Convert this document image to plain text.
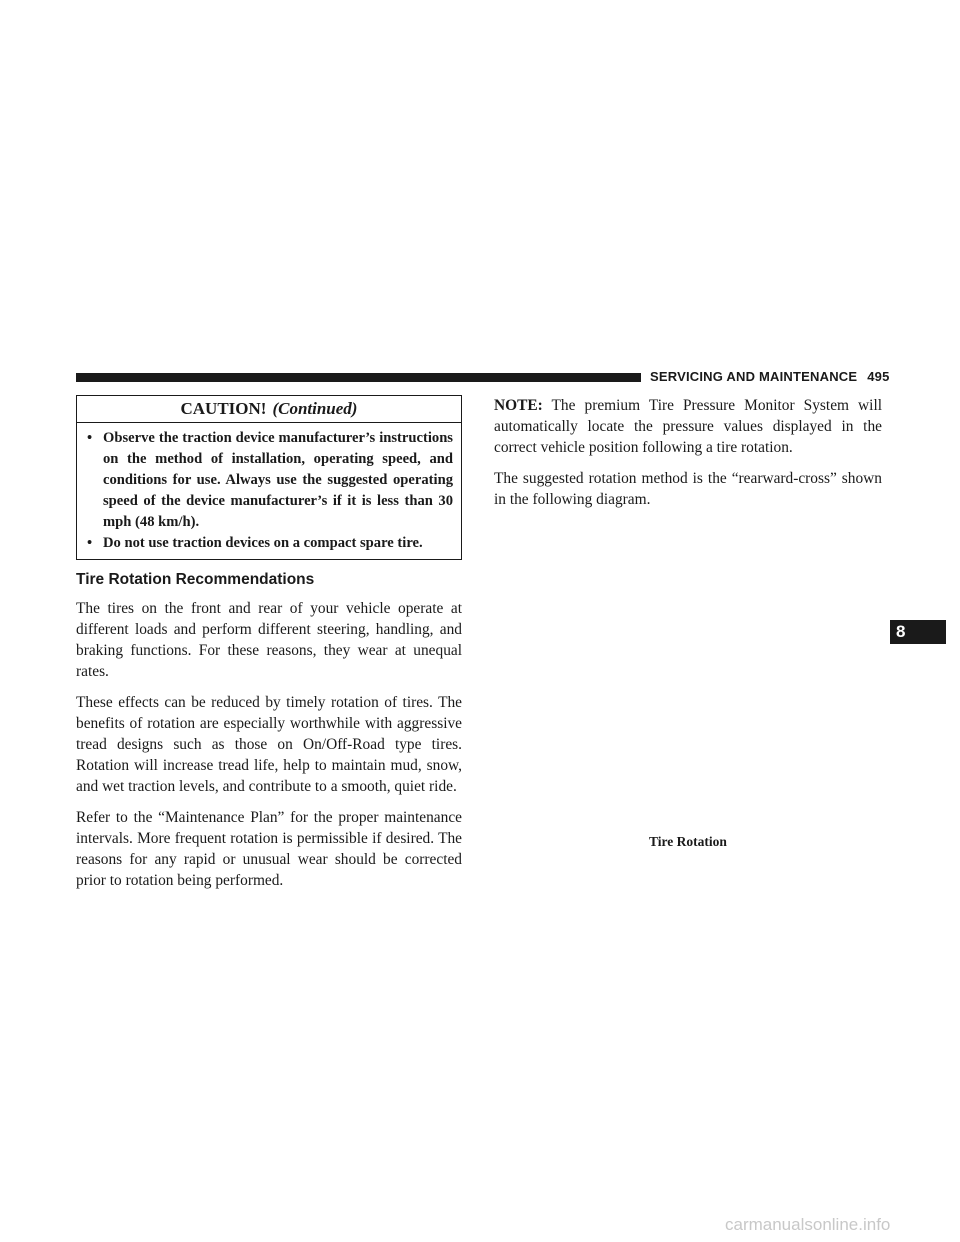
SERVICING AND MAINTENANCE 495
CAUTION! (Continued)
• Observe the traction device manufacturer’s instructions on the method of installation, operating speed, and conditions for use. Always use the suggested operating speed of the device manufacturer’s if it is less than 30 mph (48 km/h).
• Do not use traction devices on a compact spare tire.
Tire Rotation Recommendations

The tires on the front and rear of your vehicle operate at different loads and perform different steering, handling, and braking functions. For these reasons, they wear at unequal rates.

These effects can be reduced by timely rotation of tires. The benefits of rotation are especially worthwhile with aggressive tread designs such as those on On/Off-Road type tires. Rotation will increase tread life, help to maintain mud, snow, and wet traction levels, and contribute to a smooth, quiet ride.

Refer to the “Maintenance Plan” for the proper maintenance intervals. More frequent rotation is permissible if desired. The reasons for any rapid or unusual wear should be corrected prior to rotation being performed.

NOTE: The premium Tire Pressure Monitor System will automatically locate the pressure values displayed in the correct vehicle position following a tire rotation.

The suggested rotation method is the “rearward-cross” shown in the following diagram.

Tire Rotation
8
carmanualsonline.info
